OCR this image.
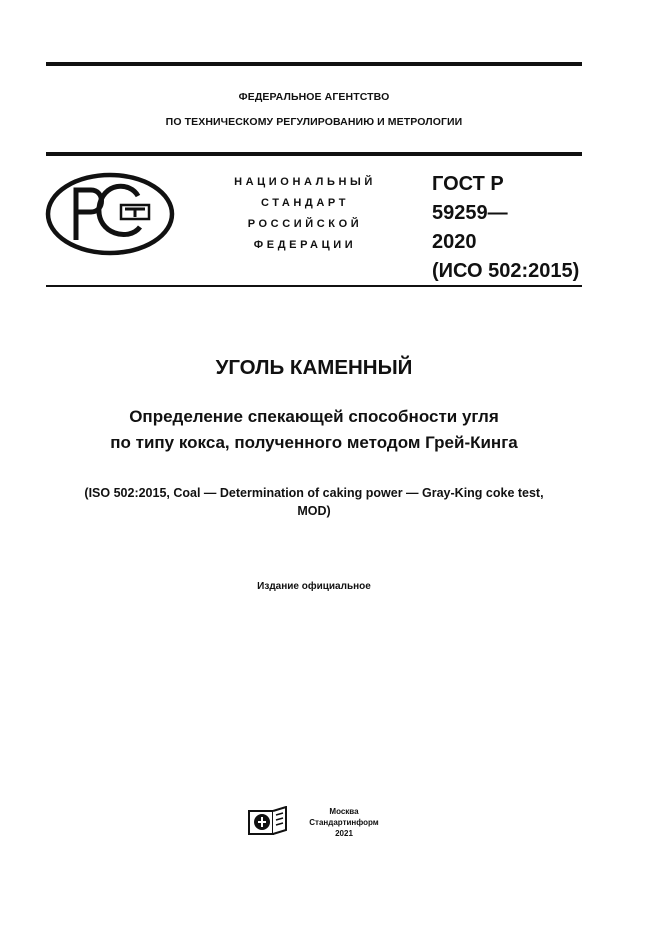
ФЕДЕРАЛЬНОЕ АГЕНТСТВО
ПО ТЕХНИЧЕСКОМУ РЕГУЛИРОВАНИЮ И МЕТРОЛОГИИ
НАЦИОНАЛЬНЫЙ
СТАНДАРТ
РОССИЙСКОЙ
ФЕДЕРАЦИИ
ГОСТ Р
59259—
2020
(ИСО 502:2015)
УГОЛЬ КАМЕННЫЙ
Определение спекающей способности угля
по типу кокса, полученного методом Грей-Кинга
(ISO 502:2015, Coal — Determination of caking power — Gray-King coke test,
MOD)
Издание официальное
Москва
Стандартинформ
2021
